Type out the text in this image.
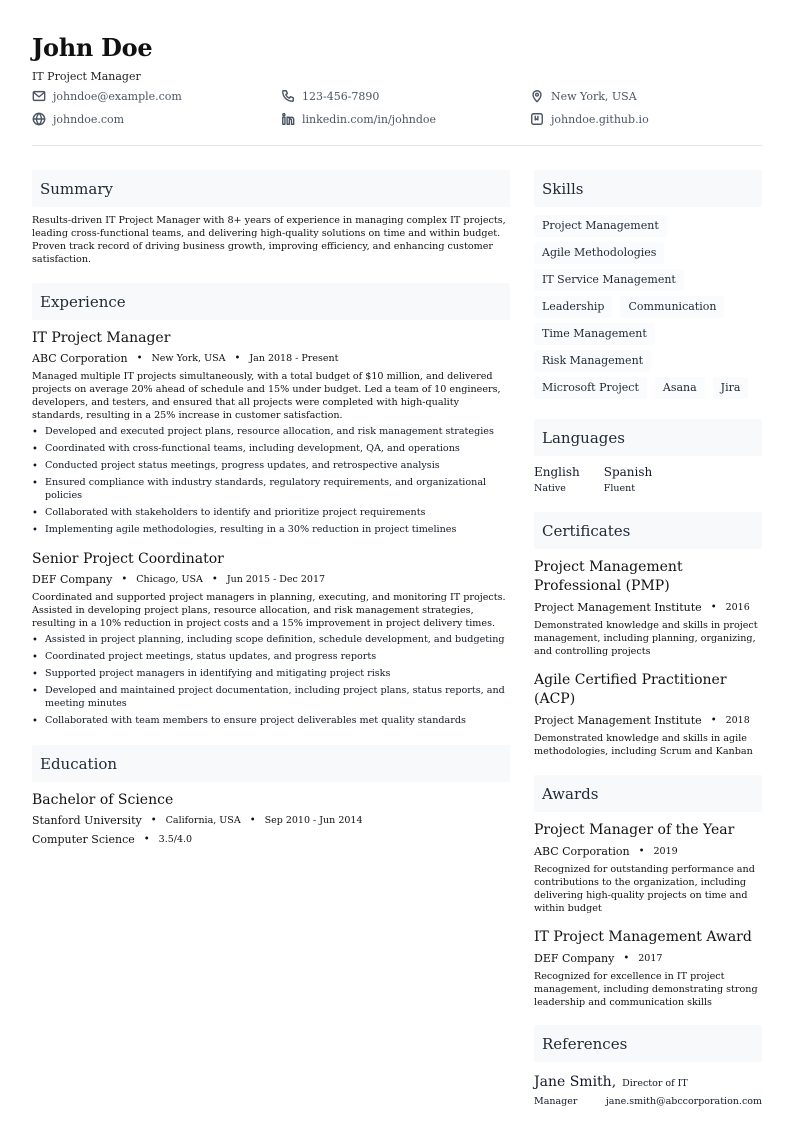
John Doe
IT Project Manager
johndoe@example.com	123-456-7890	New York, USA
johndoe.com	linkedin.com/in/johndoe	johndoe.github.io
Summary
Results-driven IT Project Manager with 8+ years of experience in managing complex IT projects, leading cross-functional teams, and delivering high-quality solutions on time and within budget. Proven track record of driving business growth, improving efficiency, and enhancing customer satisfaction.
Experience
IT Project Manager
ABC Corporation • New York, USA • Jan 2018 - Present
Managed multiple IT projects simultaneously, with a total budget of $10 million, and delivered projects on average 20% ahead of schedule and 15% under budget. Led a team of 10 engineers, developers, and testers, and ensured that all projects were completed with high-quality standards, resulting in a 25% increase in customer satisfaction.
• Developed and executed project plans, resource allocation, and risk management strategies
• Coordinated with cross-functional teams, including development, QA, and operations
• Conducted project status meetings, progress updates, and retrospective analysis
• Ensured compliance with industry standards, regulatory requirements, and organizational policies
• Collaborated with stakeholders to identify and prioritize project requirements
• Implementing agile methodologies, resulting in a 30% reduction in project timelines
Senior Project Coordinator
DEF Company • Chicago, USA • Jun 2015 - Dec 2017
Coordinated and supported project managers in planning, executing, and monitoring IT projects. Assisted in developing project plans, resource allocation, and risk management strategies, resulting in a 10% reduction in project costs and a 15% improvement in project delivery times.
• Assisted in project planning, including scope definition, schedule development, and budgeting
• Coordinated project meetings, status updates, and progress reports
• Supported project managers in identifying and mitigating project risks
• Developed and maintained project documentation, including project plans, status reports, and meeting minutes
• Collaborated with team members to ensure project deliverables met quality standards
Education
Bachelor of Science
Stanford University • California, USA • Sep 2010 - Jun 2014
Computer Science • 3.5/4.0
Skills
Project Management
Agile Methodologies
IT Service Management
Leadership	Communication
Time Management
Risk Management
Microsoft Project	Asana	Jira
Languages
English
Native
Spanish
Fluent
Certificates
Project Management Professional (PMP)
Project Management Institute • 2016
Demonstrated knowledge and skills in project management, including planning, organizing, and controlling projects
Agile Certified Practitioner (ACP)
Project Management Institute • 2018
Demonstrated knowledge and skills in agile methodologies, including Scrum and Kanban
Awards
Project Manager of the Year
ABC Corporation • 2019
Recognized for outstanding performance and contributions to the organization, including delivering high-quality projects on time and within budget
IT Project Management Award
DEF Company • 2017
Recognized for excellence in IT project management, including demonstrating strong leadership and communication skills
References
Jane Smith, Director of IT
Manager	jane.smith@abccorporation.com
